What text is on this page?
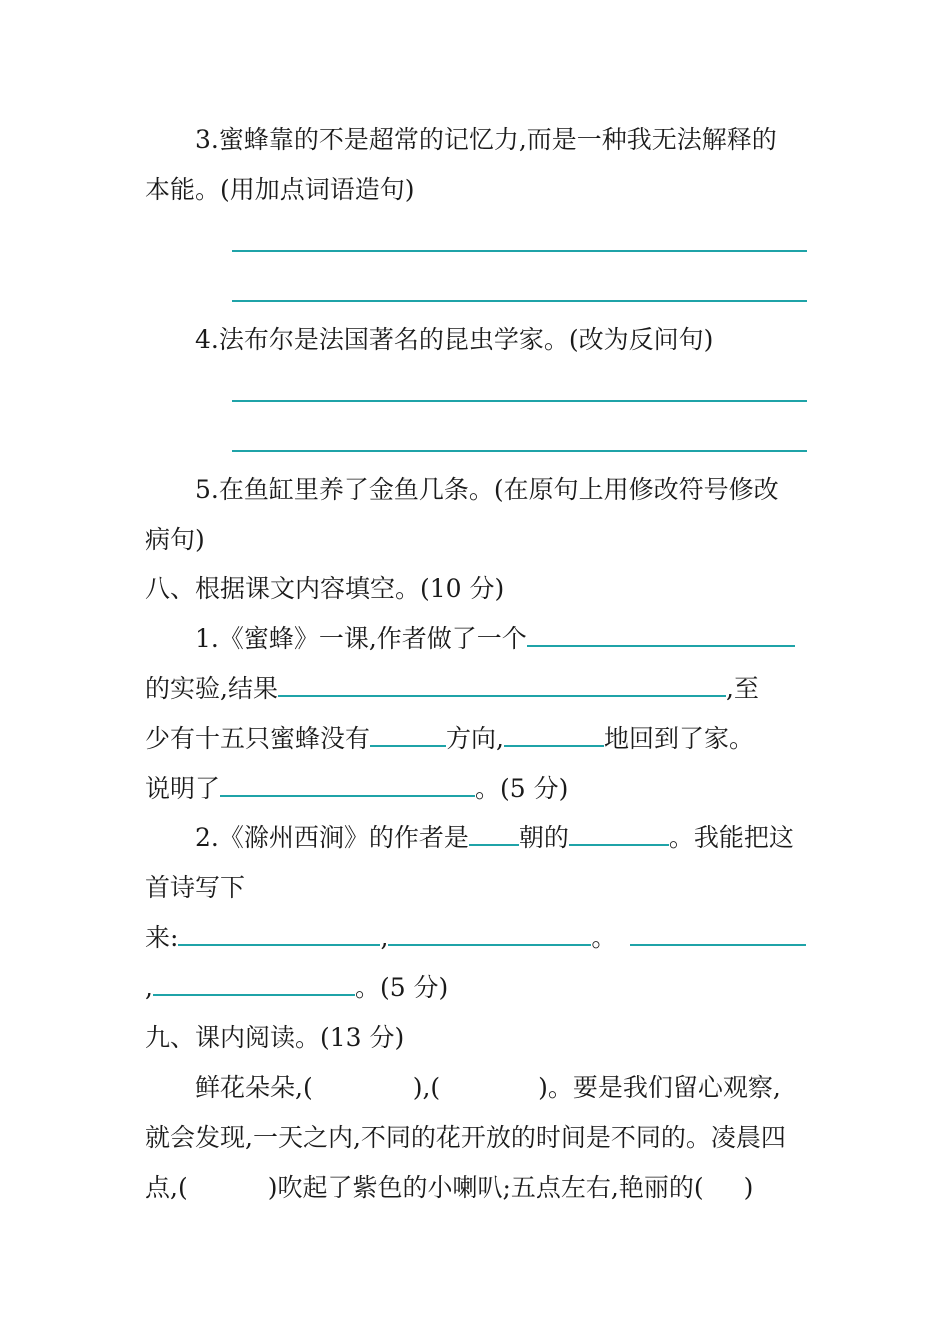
3.蜜蜂靠的不是超常的记忆力,而是一种我无法解释的
本能。(用加点词语造句)
4.法布尔是法国著名的昆虫学家。(改为反问句)
5.在鱼缸里养了金鱼几条。(在原句上用修改符号修改
病句)
八、根据课文内容填空。(10 分)
1.《蜜蜂》一课,作者做了一个
的实验,结果	,至
少有十五只蜜蜂没有	方向,	地回到了家。
说明了	。(5 分)
2.《滁州西涧》的作者是 朝的	。我能把这
首诗写下
来:	,	。
,	。(5 分)
九、课内阅读。(13 分)
鲜花朵朵,(	),(	)。要是我们留心观察,
就会发现,一天之内,不同的花开放的时间是不同的。凌晨四
点,(	)吹起了紫色的小喇叭;五点左右,艳丽的( )
